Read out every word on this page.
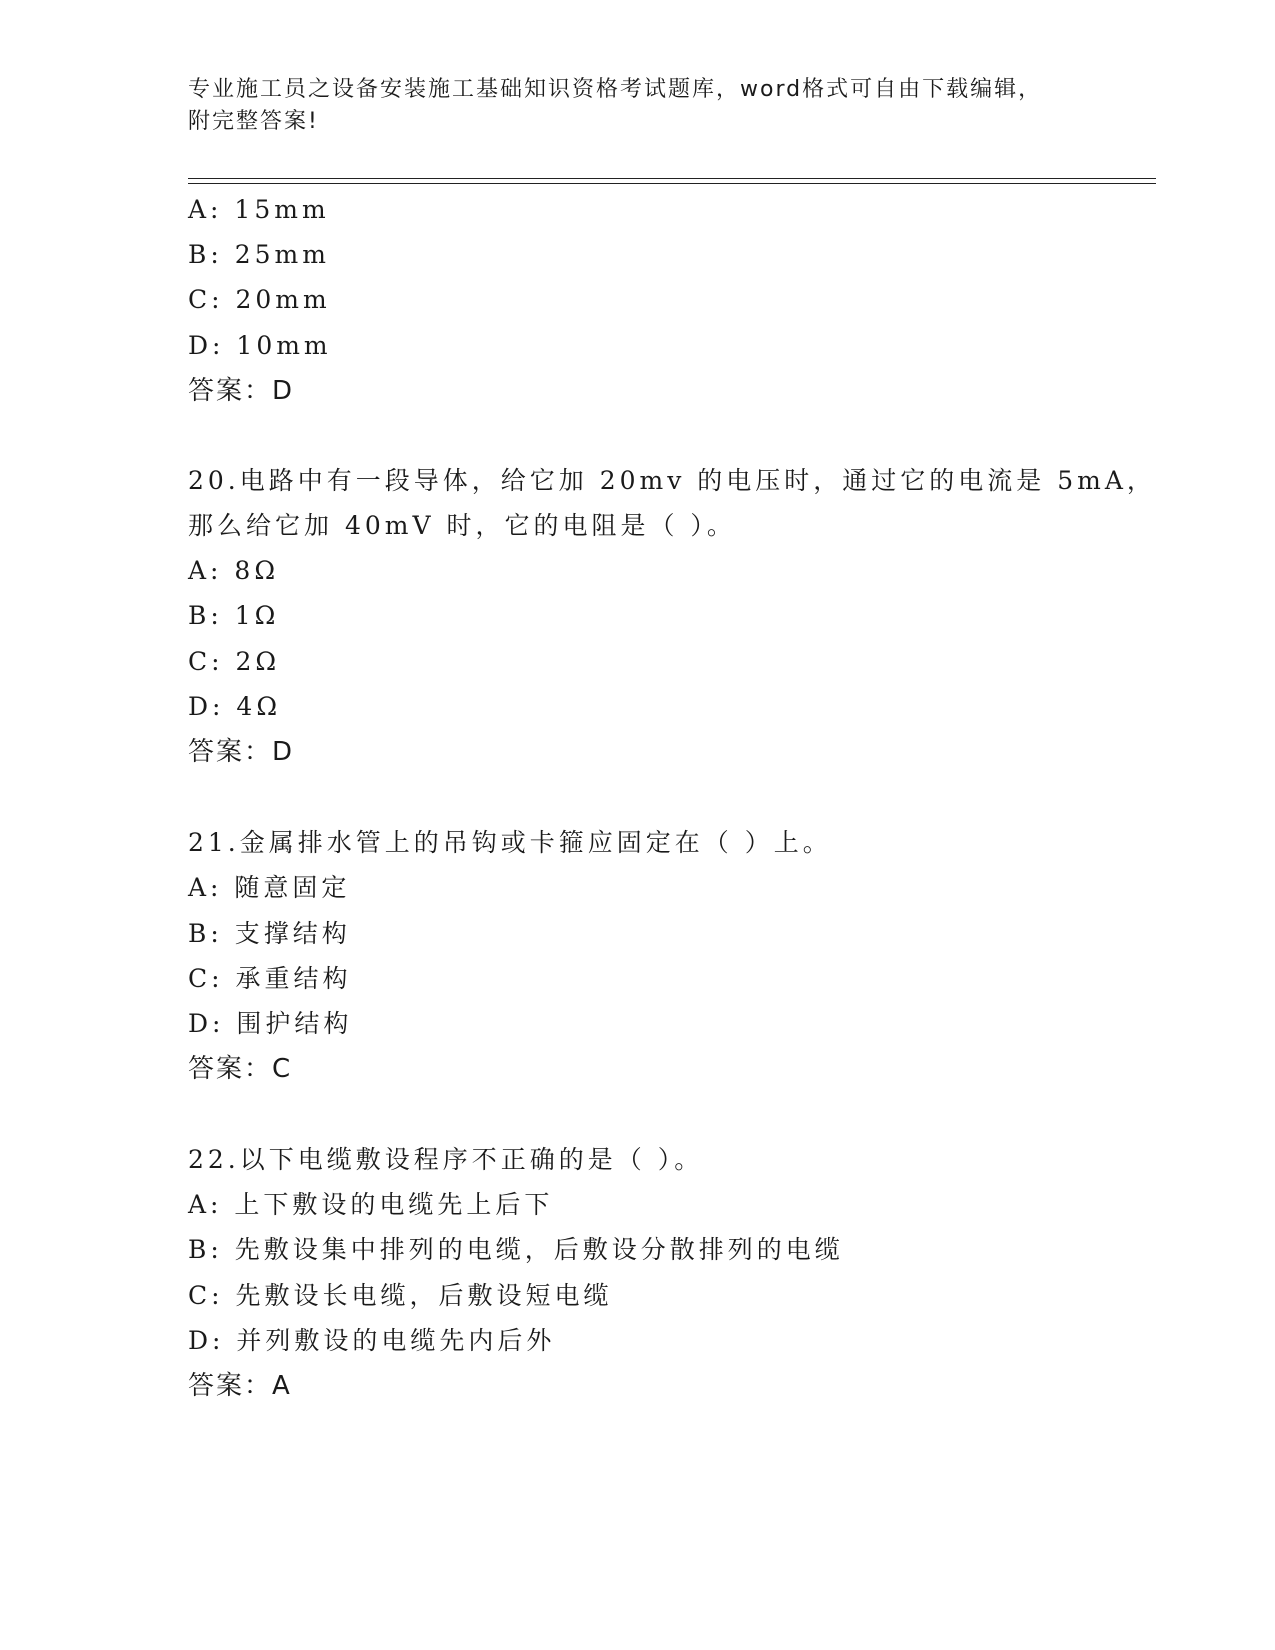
专业施工员之设备安装施工基础知识资格考试题库，word格式可自由下载编辑，
附完整答案!
A: 15mm
B: 25mm
C: 20mm
D: 10mm
答案：D
20.电路中有一段导体，给它加 20mv 的电压时，通过它的电流是 5mA，
那么给它加 40mV 时，它的电阻是（ ）。
A: 8Ω
B: 1Ω
C: 2Ω
D: 4Ω
答案：D
21.金属排水管上的吊钩或卡箍应固定在（ ）上。
A: 随意固定
B: 支撑结构
C: 承重结构
D: 围护结构
答案：C
22.以下电缆敷设程序不正确的是（ ）。
A: 上下敷设的电缆先上后下
B: 先敷设集中排列的电缆，后敷设分散排列的电缆
C: 先敷设长电缆，后敷设短电缆
D: 并列敷设的电缆先内后外
答案：A
